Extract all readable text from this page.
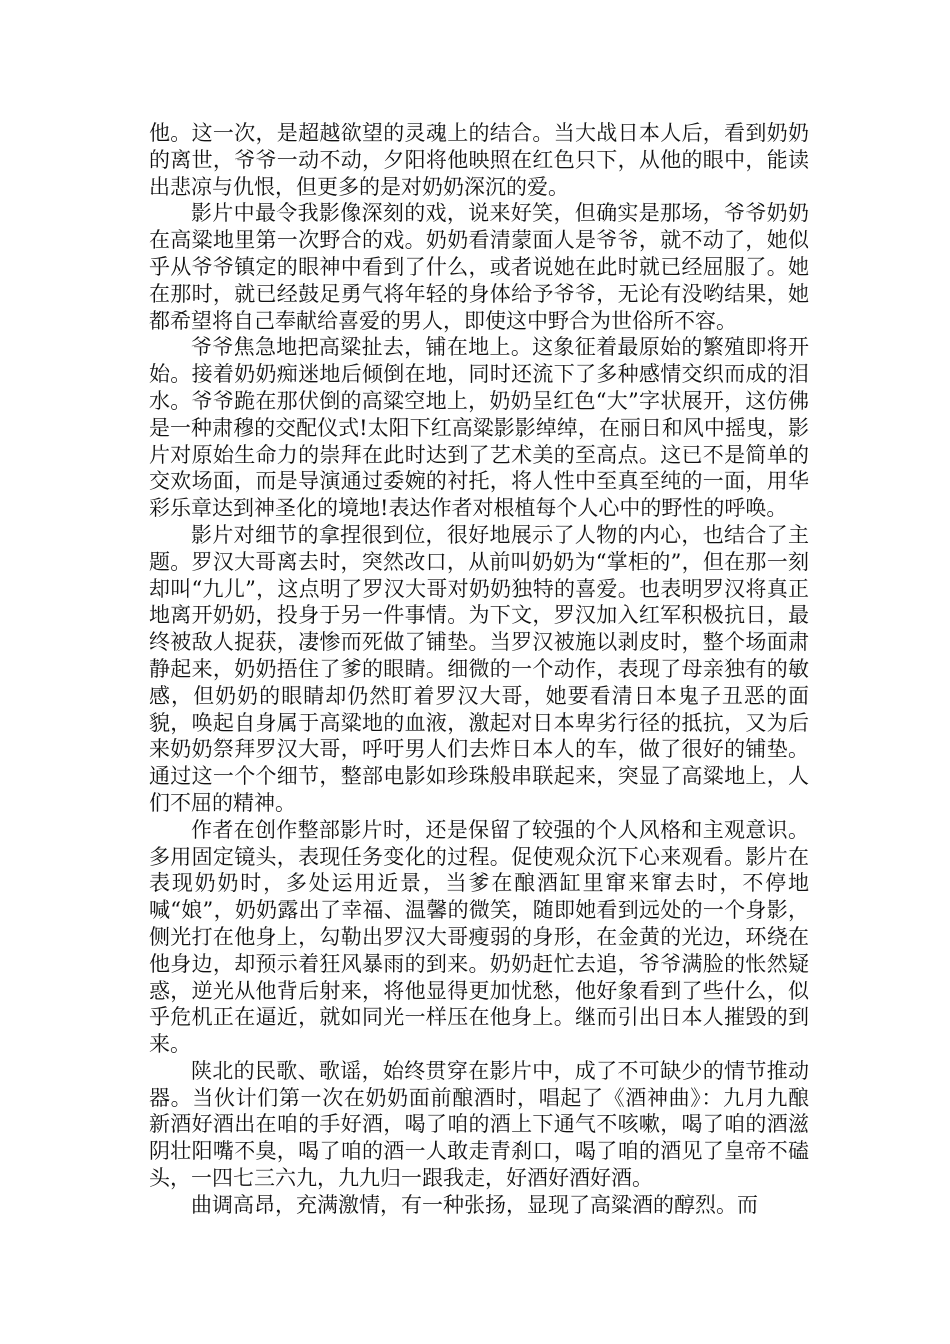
他。这一次，是超越欲望的灵魂上的结合。当大战日本人后，看到奶奶的离世，爷爷一动不动，夕阳将他映照在红色只下，从他的眼中，能读出悲凉与仇恨，但更多的是对奶奶深沉的爱。

影片中最令我影像深刻的戏，说来好笑，但确实是那场，爷爷奶奶在高粱地里第一次野合的戏。奶奶看清蒙面人是爷爷，就不动了，她似乎从爷爷镇定的眼神中看到了什么，或者说她在此时就已经屈服了。她在那时，就已经鼓足勇气将年轻的身体给予爷爷，无论有没哟结果，她都希望将自己奉献给喜爱的男人，即使这中野合为世俗所不容。

爷爷焦急地把高粱扯去，铺在地上。这象征着最原始的繁殖即将开始。接着奶奶痴迷地后倾倒在地，同时还流下了多种感情交织而成的泪水。爷爷跪在那伏倒的高粱空地上，奶奶呈红色“大”字状展开，这仿佛是一种肃穆的交配仪式!太阳下红高粱影影绰绰，在丽日和风中摇曳，影片对原始生命力的崇拜在此时达到了艺术美的至高点。这已不是简单的交欢场面，而是导演通过委婉的衬托，将人性中至真至纯的一面，用华彩乐章达到神圣化的境地!表达作者对根植每个人心中的野性的呼唤。

影片对细节的拿捏很到位，很好地展示了人物的内心，也结合了主题。罗汉大哥离去时，突然改口，从前叫奶奶为“掌柜的”，但在那一刻却叫“九儿”，这点明了罗汉大哥对奶奶独特的喜爱。也表明罗汉将真正地离开奶奶，投身于另一件事情。为下文，罗汉加入红军积极抗日，最终被敌人捉获，凄惨而死做了铺垫。当罗汉被施以剥皮时，整个场面肃静起来，奶奶捂住了爹的眼睛。细微的一个动作，表现了母亲独有的敏感，但奶奶的眼睛却仍然盯着罗汉大哥，她要看清日本鬼子丑恶的面貌，唤起自身属于高粱地的血液，激起对日本卑劣行径的抵抗，又为后来奶奶祭拜罗汉大哥，呼吁男人们去炸日本人的车，做了很好的铺垫。通过这一个个细节，整部电影如珍珠般串联起来，突显了高粱地上，人们不屈的精神。

作者在创作整部影片时，还是保留了较强的个人风格和主观意识。多用固定镜头，表现任务变化的过程。促使观众沉下心来观看。影片在表现奶奶时，多处运用近景，当爹在酿酒缸里窜来窜去时，不停地喊“娘”，奶奶露出了幸福、温馨的微笑，随即她看到远处的一个身影，侧光打在他身上，勾勒出罗汉大哥瘦弱的身形，在金黄的光边，环绕在他身边，却预示着狂风暴雨的到来。奶奶赶忙去追，爷爷满脸的怅然疑惑，逆光从他背后射来，将他显得更加忧愁，他好象看到了些什么，似乎危机正在逼近，就如同光一样压在他身上。继而引出日本人摧毁的到来。

陕北的民歌、歌谣，始终贯穿在影片中，成了不可缺少的情节推动器。当伙计们第一次在奶奶面前酿酒时，唱起了《酒神曲》：九月九酿新酒好酒出在咱的手好酒，喝了咱的酒上下通气不咳嗽，喝了咱的酒滋阴壮阳嘴不臭，喝了咱的酒一人敢走青刹口，喝了咱的酒见了皇帝不磕头，一四七三六九，九九归一跟我走，好酒好酒好酒。

曲调高昂，充满激情，有一种张扬，显现了高粱酒的醇烈。而
